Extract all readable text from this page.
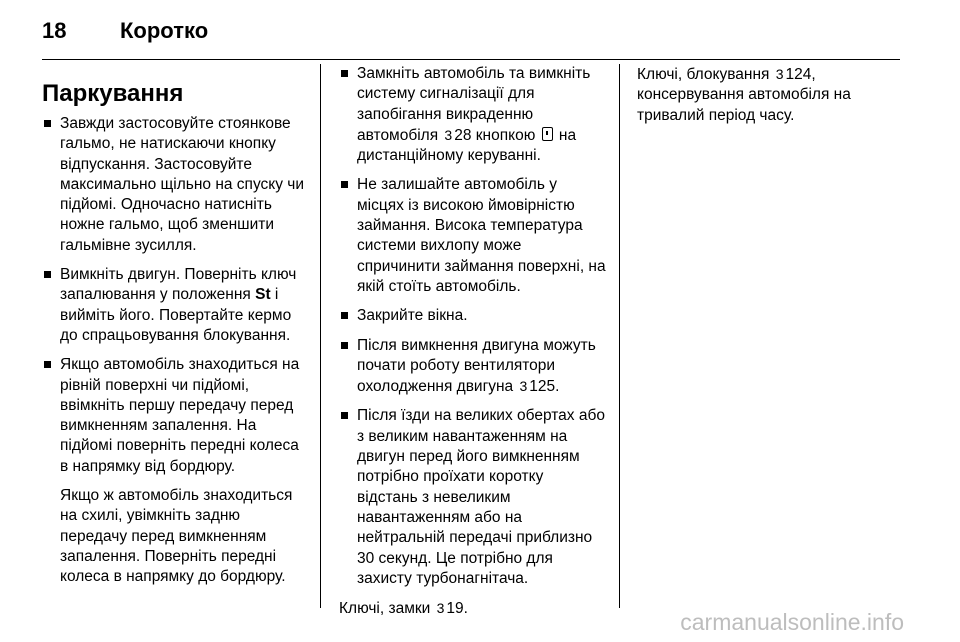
18 Коротко
Паркування
Завжди застосовуйте стоянкове гальмо, не натискаючи кнопку відпускання. Застосовуйте максимально щільно на спуску чи підйомі. Одночасно натисніть ножне гальмо, щоб зменшити гальмівне зусилля.
Вимкніть двигун. Поверніть ключ запалювання у положення St і вийміть його. Повертайте кермо до спрацьовування блокування.
Якщо автомобіль знаходиться на рівній поверхні чи підйомі, ввімкніть першу передачу перед вимкненням запалення. На підйомі поверніть передні колеса в напрямку від бордюру.
Якщо ж автомобіль знаходиться на схилі, увімкніть задню передачу перед вимкненням запалення. Поверніть передні колеса в напрямку до бордюру.
Замкніть автомобіль та вимкніть систему сигналізації для запобігання викраденню автомобіля 3 28 кнопкою  на дистанційному керуванні.
Не залишайте автомобіль у місцях із високою ймовірністю займання. Висока температура системи вихлопу може спричинити займання поверхні, на якій стоїть автомобіль.
Закрийте вікна.
Після вимкнення двигуна можуть почати роботу вентилятори охолодження двигуна 3 125.
Після їзди на великих обертах або з великим навантаженням на двигун перед його вимкненням потрібно проїхати коротку відстань з невеликим навантаженням або на нейтральній передачі приблизно 30 секунд. Це потрібно для захисту турбонагнітача.
Ключі, замки 3 19.
Ключі, блокування 3 124, консервування автомобіля на тривалий період часу.
carmanualsonline.info
